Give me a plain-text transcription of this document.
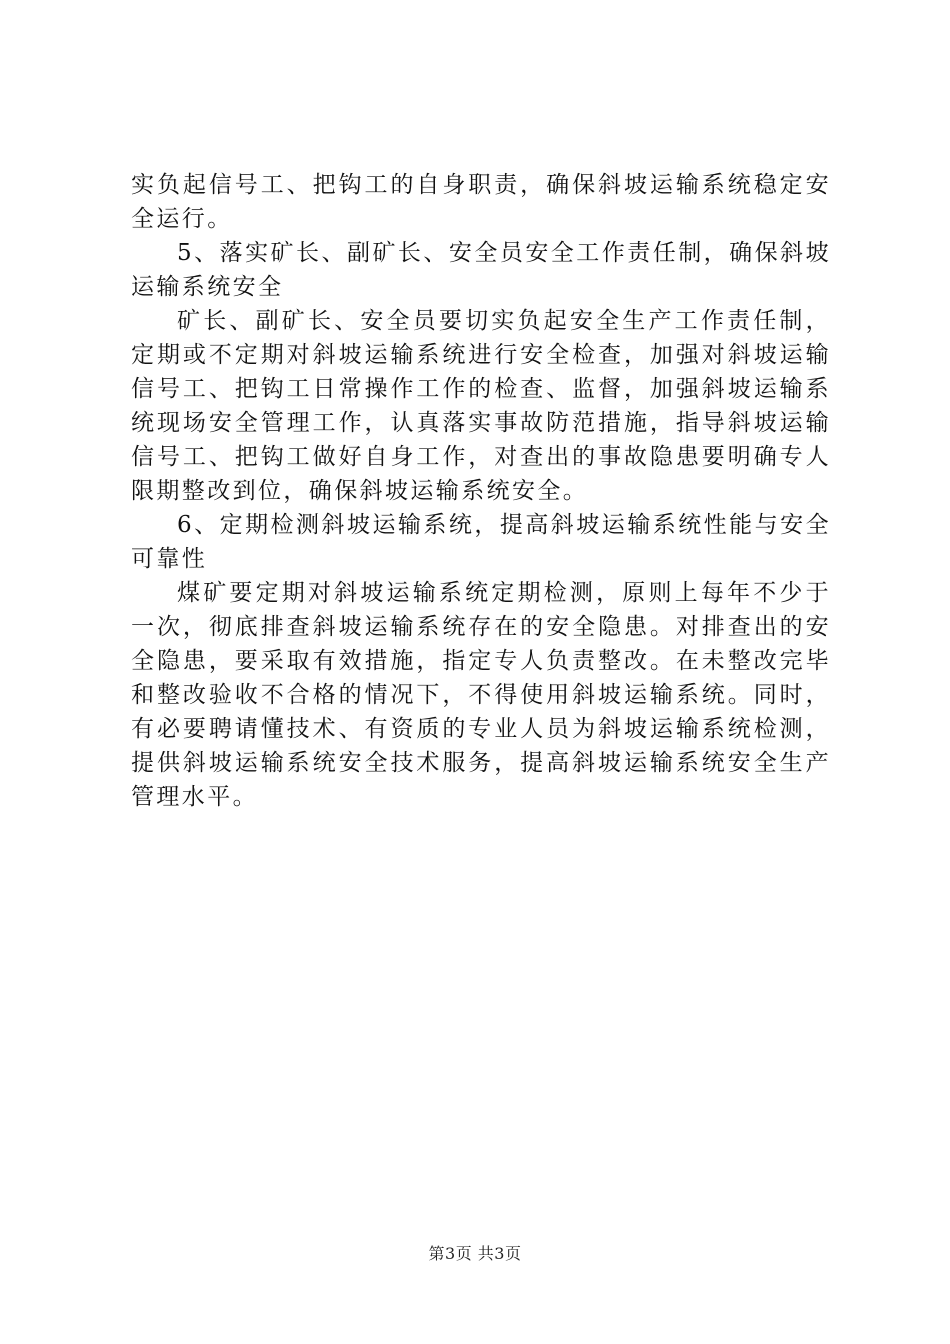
实负起信号工、把钩工的自身职责，确保斜坡运输系统稳定安全运行。

5、落实矿长、副矿长、安全员安全工作责任制，确保斜坡运输系统安全

矿长、副矿长、安全员要切实负起安全生产工作责任制，定期或不定期对斜坡运输系统进行安全检查，加强对斜坡运输信号工、把钩工日常操作工作的检查、监督，加强斜坡运输系统现场安全管理工作，认真落实事故防范措施，指导斜坡运输信号工、把钩工做好自身工作，对查出的事故隐患要明确专人限期整改到位，确保斜坡运输系统安全。

6、定期检测斜坡运输系统，提高斜坡运输系统性能与安全可靠性

煤矿要定期对斜坡运输系统定期检测，原则上每年不少于一次，彻底排查斜坡运输系统存在的安全隐患。对排查出的安全隐患，要采取有效措施，指定专人负责整改。在未整改完毕和整改验收不合格的情况下，不得使用斜坡运输系统。同时，有必要聘请懂技术、有资质的专业人员为斜坡运输系统检测，提供斜坡运输系统安全技术服务，提高斜坡运输系统安全生产管理水平。

第3页 共3页
